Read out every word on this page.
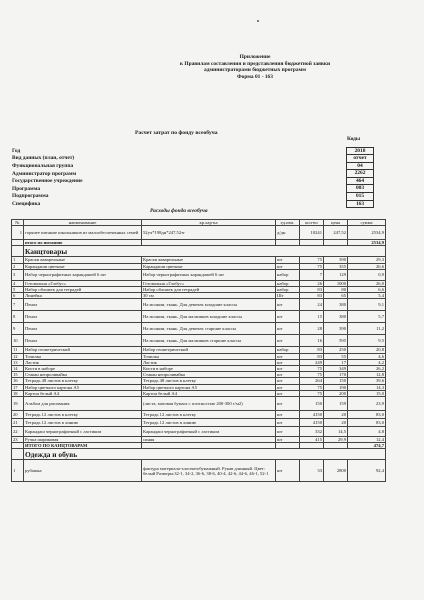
Приложение
к Правилам составления и представления бюджетной заявки
администраторами бюджетных программ
Форма 01 - 163
Расчет затрат по фонду всеобуча
Коды
Год	2018
Вид данных (план, отчет)	отчет
Функциональная группа	04
Администратор программ	2262
Государственное учреждение	464
Программа	003
Подпрограмма	015
Специфика	163
Расходы фонда всеобуча
№	наименование	кр.хар-ка	ед.изм.	кол-во	цена	сумма
1	горячее питание школьников из малообеспеченных семей	52уч*198дн*247,52тг	д/дн	10241	247,52	2534,9
	итого по питанию					2534,9
	Канцтовары					
1	Краски акварельные	Краски акварельные	шт	75	390	29,3
2	Карандаши цветные	Карандаши цветные	шт	75	355	26,6
3	Набор чернографитных карандашей 6 шт	Набор чернографитных карандашей 6 шт	набор	7	129	0,9
4	Готовальня «Глобус»	Готовальня «Глобус»	набор	26	1000	26,0
5	Набор обложек для тетрадей	Набор обложек для тетрадей	набор	83	80	6,6
6	Линейка	30 см	Шт	83	65	5,4
7	Пенал	На молнии, ткань. Для девочек младшие классы	шт	24	380	9,1
8	Пенал	На молнии, ткань. Для мальчиков младшие классы	шт	15	380	5,7
9	Пенал	На молнии, ткань. Для девочек старшие классы	шт	28	390	11,2
10	Пенал	На молнии, ткань. Для мальчиков старшие классы	шт	16	595	9,5
11	Набор геометрический	Набор геометрический	набор	83	250	20,8
12	Точилка	Точилка	шт	83	55	4,6
13	Ластик	Ластик	шт	249	17	4,2
14	Кисти в наборе	Кисти в наборе	шт	75	349	26,2
15	Стакан непроливайка	Стакан непроливайка	шт	75	170	12,8
16	Тетрадь 48 листов в клетку	Тетрадь 48 листов в клетку	шт	264	150	39,6
17	Набор цветного картона А5	Набор цветного картона А5	шт	75	190	14,3
18	Картон белый А4	Картон белый А4	шт	75	200	15,0
19	Альбом для рисования	(листа, матовая бумага с плотностью 200-300 г/м2)	шт	150	159	23,9
20	Тетрадь 12 листов в клетку	Тетрадь 12 листов в клетку	шт	4150	20	83,0
21	Тетрадь 12 листов в линию	Тетрадь 12 листов в линию	шт	4150	20	83,0
22	Карандаш чернографитный с ластиком	Карандаш чернографитный с ластиком	шт	332	14,5	4,8
23	Ручка шариковая	синяя	шт	415	29,9	12,4
	ИТОГО ПО КАНЦТОВАРАМ					474,7
	Одежда и обувь					
1	рубашка	фактура материала-хлопчатобумажный. Рукав длинный. Цвет: белый Размеры:32-1, 34-2, 36-6, 38-6, 40-4, 42-6, 44-6, 46-1, 52-1	шт	33	2800	92,4
